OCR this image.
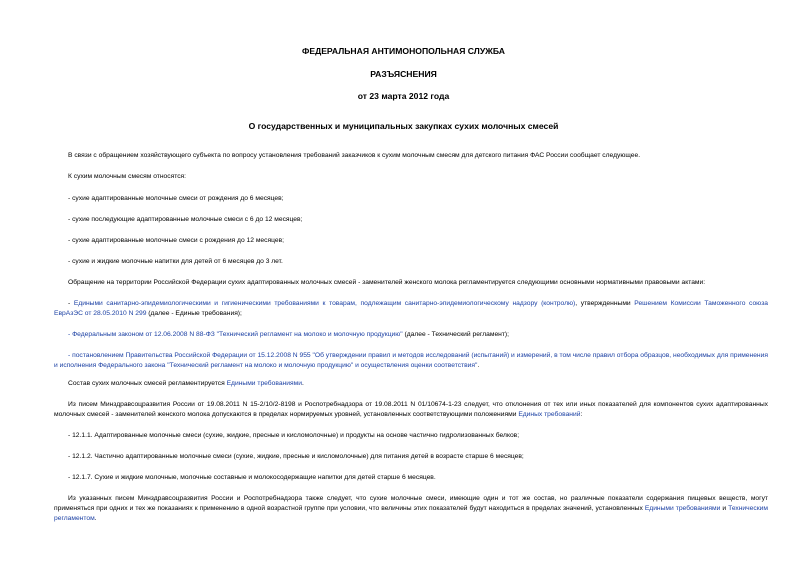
ФЕДЕРАЛЬНАЯ АНТИМОНОПОЛЬНАЯ СЛУЖБА
РАЗЪЯСНЕНИЯ
от 23 марта 2012 года
О государственных и муниципальных закупках сухих молочных смесей
В связи с обращением хозяйствующего субъекта по вопросу установления требований заказчиков к сухим молочным смесям для детского питания ФАС России сообщает следующее.
К сухим молочным смесям относятся:
- сухие адаптированные молочные смеси от рождения до 6 месяцев;
- сухие последующие адаптированные молочные смеси с 6 до 12 месяцев;
- сухие адаптированные молочные смеси с рождения до 12 месяцев;
- сухие и жидкие молочные напитки для детей от 6 месяцев до 3 лет.
Обращение на территории Российской Федерации сухих адаптированных молочных смесей - заменителей женского молока регламентируется следующими основными нормативными правовыми актами:
- Едиными санитарно-эпидемиологическими и гигиеническими требованиями к товарам, подлежащим санитарно-эпидемиологическому надзору (контролю), утвержденными Решением Комиссии Таможенного союза ЕврАзЭС от 28.05.2010 N 299 (далее - Единые требования);
- Федеральным законом от 12.06.2008 N 88-ФЗ "Технический регламент на молоко и молочную продукцию" (далее - Технический регламент);
- постановлением Правительства Российской Федерации от 15.12.2008 N 955 "Об утверждении правил и методов исследований (испытаний) и измерений, в том числе правил отбора образцов, необходимых для применения и исполнения Федерального закона "Технический регламент на молоко и молочную продукцию" и осуществления оценки соответствия".
Состав сухих молочных смесей регламентируется Едиными требованиями.
Из писем Минздравсоцразвития России от 19.08.2011 N 15-2/10/2-8198 и Роспотребнадзора от 19.08.2011 N 01/10674-1-23 следует, что отклонения от тех или иных показателей для компонентов сухих адаптированных молочных смесей - заменителей женского молока допускаются в пределах нормируемых уровней, установленных соответствующими положениями Единых требований:
- 12.1.1. Адаптированные молочные смеси (сухие, жидкие, пресные и кисломолочные) и продукты на основе частично гидролизованных белков;
- 12.1.2. Частично адаптированные молочные смеси (сухие, жидкие, пресные и кисломолочные) для питания детей в возрасте старше 6 месяцев;
- 12.1.7. Сухие и жидкие молочные, молочные составные и молокосодержащие напитки для детей старше 6 месяцев.
Из указанных писем Минздравсоцразвития России и Роспотребнадзора также следует, что сухие молочные смеси, имеющие один и тот же состав, но различные показатели содержания пищевых веществ, могут применяться при одних и тех же показаниях к применению в одной возрастной группе при условии, что величины этих показателей будут находиться в пределах значений, установленных Едиными требованиями и Техническим регламентом.
